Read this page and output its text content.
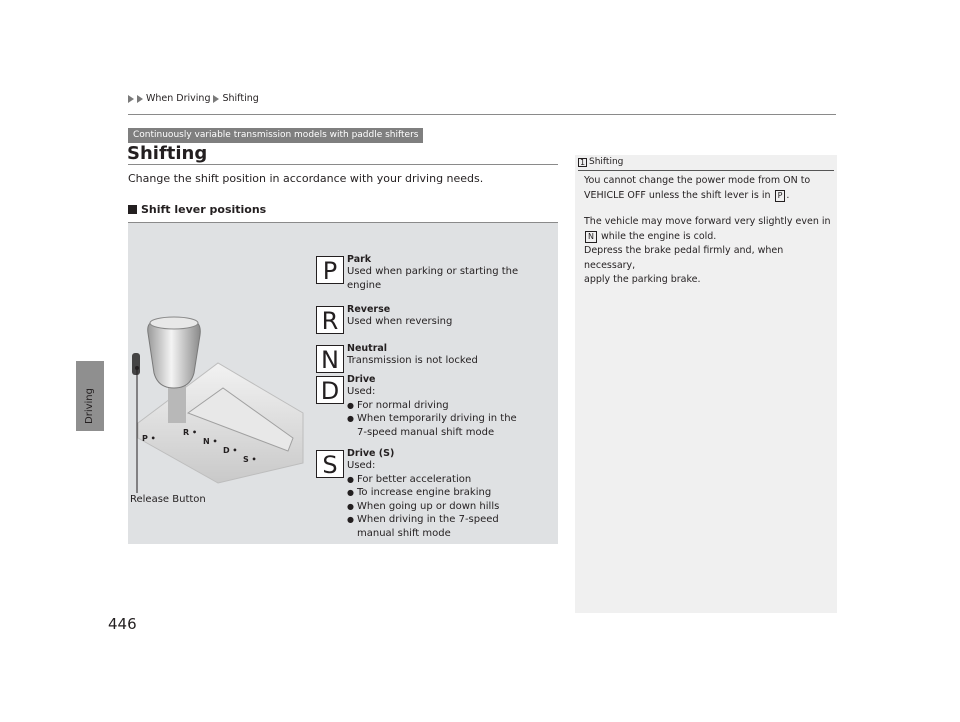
Driving
When Driving Shifting
Continuously variable transmission models with paddle shifters
Shifting
Change the shift position in accordance with your driving needs.
Shift lever positions
P •
R •
N •
D •
S •
Release Button
P	Park
Used when parking or starting the
engine
R Reverse
Used when reversing
N Neutral
Transmission is not locked
D Drive
Used:
● For normal driving
● When temporarily driving in the
7-speed manual shift mode
S Drive (S)
Used:
● For better acceleration
● To increase engine braking
● When going up or down hills
● When driving in the 7-speed
manual shift mode
1 Shifting
You cannot change the power mode from ON to
VEHICLE OFF unless the shift lever is in P .
The vehicle may move forward very slightly even in
N while the engine is cold.
Depress the brake pedal firmly and, when necessary,
apply the parking brake.
446
